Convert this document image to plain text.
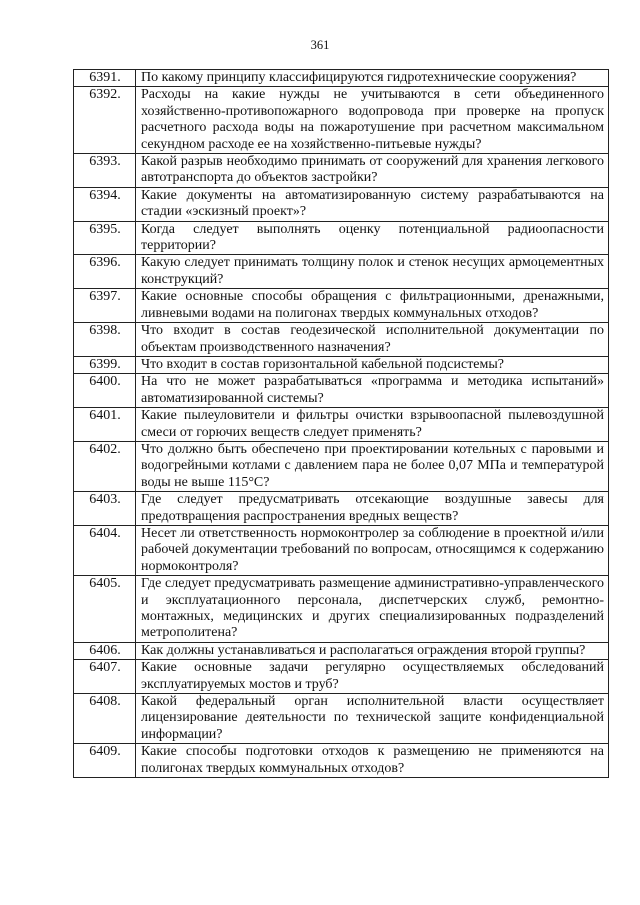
361
6391.	По какому принципу классифицируются гидротехнические сооружения?
6392.	Расходы на какие нужды не учитываются в сети объединенного хозяйственно-противопожарного водопровода при проверке на пропуск расчетного расхода воды на пожаротушение при расчетном максимальном секундном расходе ее на хозяйственно-питьевые нужды?
6393.	Какой разрыв необходимо принимать от сооружений для хранения легкового автотранспорта до объектов застройки?
6394.	Какие документы на автоматизированную систему разрабатываются на стадии «эскизный проект»?
6395.	Когда следует выполнять оценку потенциальной радиоопасности территории?
6396.	Какую следует принимать толщину полок и стенок несущих армоцементных конструкций?
6397.	Какие основные способы обращения с фильтрационными, дренажными, ливневыми водами на полигонах твердых коммунальных отходов?
6398.	Что входит в состав геодезической исполнительной документации по объектам производственного назначения?
6399.	Что входит в состав горизонтальной кабельной подсистемы?
6400.	На что не может разрабатываться «программа и методика испытаний» автоматизированной системы?
6401.	Какие пылеуловители и фильтры очистки взрывоопасной пылевоздушной смеси от горючих веществ следует применять?
6402.	Что должно быть обеспечено при проектировании котельных с паровыми и водогрейными котлами с давлением пара не более 0,07 МПа и температурой воды не выше 115°С?
6403.	Где следует предусматривать отсекающие воздушные завесы для предотвращения распространения вредных веществ?
6404.	Несет ли ответственность нормоконтролер за соблюдение в проектной и/или рабочей документации требований по вопросам, относящимся к содержанию нормоконтроля?
6405.	Где следует предусматривать размещение административно-управленческого и эксплуатационного персонала, диспетчерских служб, ремонтно-монтажных, медицинских и других специализированных подразделений метрополитена?
6406.	Как должны устанавливаться и располагаться ограждения второй группы?
6407.	Какие основные задачи регулярно осуществляемых обследований эксплуатируемых мостов и труб?
6408.	Какой федеральный орган исполнительной власти осуществляет лицензирование деятельности по технической защите конфиденциальной информации?
6409.	Какие способы подготовки отходов к размещению не применяются на полигонах твердых коммунальных отходов?
